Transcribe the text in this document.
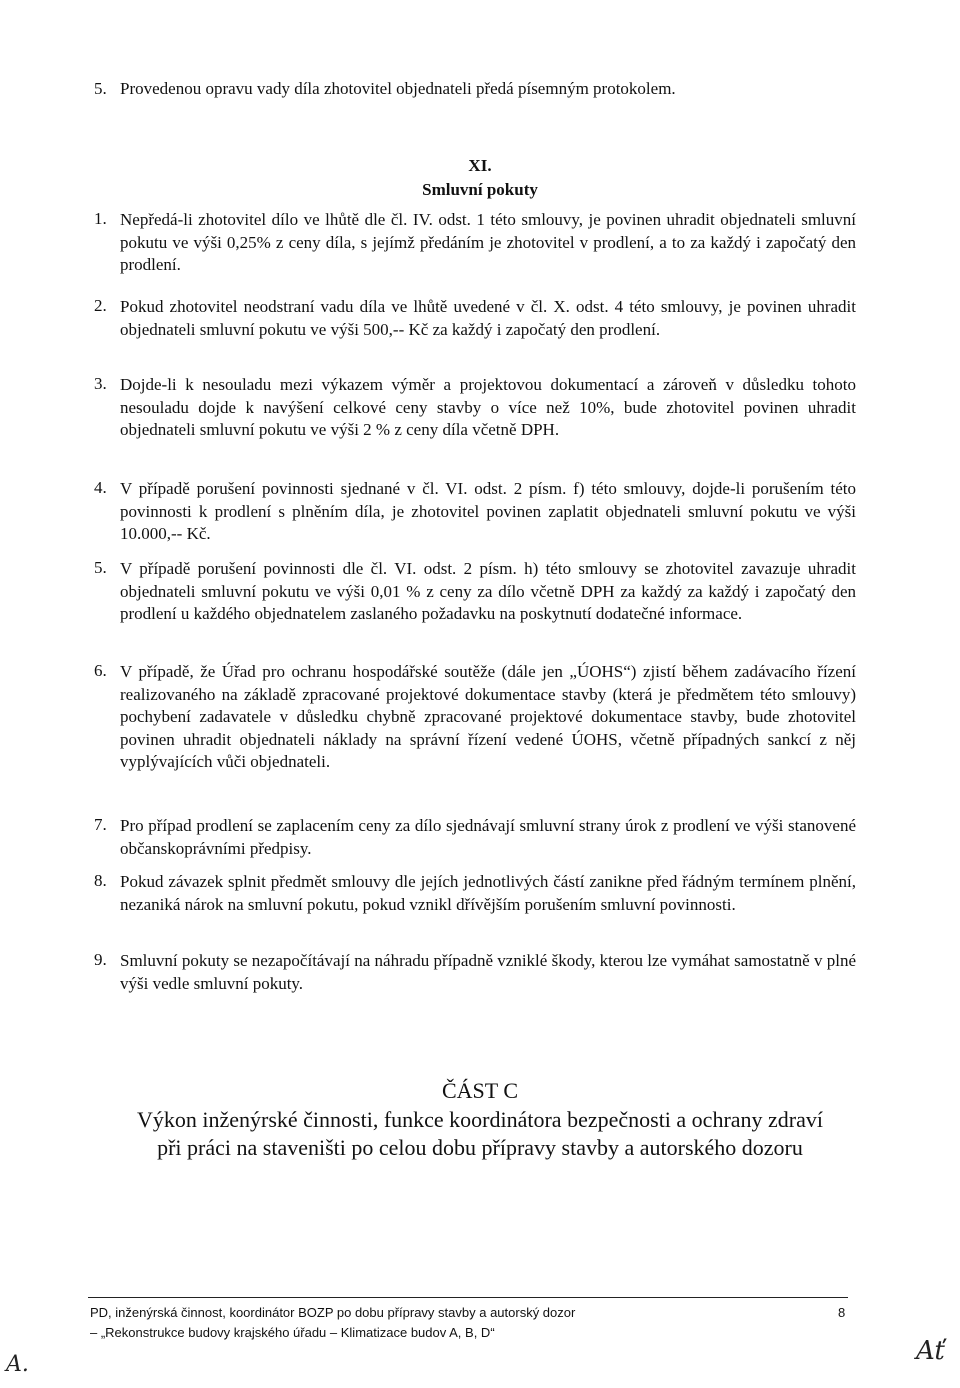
5. Provedenou opravu vady díla zhotovitel objednateli předá písemným protokolem.
XI.
Smluvní pokuty
1. Nepředá-li zhotovitel dílo ve lhůtě dle čl. IV. odst. 1 této smlouvy, je povinen uhradit objednateli smluvní pokutu ve výši 0,25% z ceny díla, s jejímž předáním je zhotovitel v prodlení, a to za každý i započatý den prodlení.
2. Pokud zhotovitel neodstraní vadu díla ve lhůtě uvedené v čl. X. odst. 4 této smlouvy, je povinen uhradit objednateli smluvní pokutu ve výši 500,-- Kč za každý i započatý den prodlení.
3. Dojde-li k nesouladu mezi výkazem výměr a projektovou dokumentací a zároveň v důsledku tohoto nesouladu dojde k navýšení celkové ceny stavby o více než 10%, bude zhotovitel povinen uhradit objednateli smluvní pokutu ve výši 2 % z ceny díla včetně DPH.
4. V případě porušení povinnosti sjednané v čl. VI. odst. 2 písm. f) této smlouvy, dojde-li porušením této povinnosti k prodlení s plněním díla, je zhotovitel povinen zaplatit objednateli smluvní pokutu ve výši 10.000,-- Kč.
5. V případě porušení povinnosti dle čl. VI. odst. 2 písm. h) této smlouvy se zhotovitel zavazuje uhradit objednateli smluvní pokutu ve výši 0,01 % z ceny za dílo včetně DPH za každý za každý i započatý den prodlení u každého objednatelem zaslaného požadavku na poskytnutí dodatečné informace.
6. V případě, že Úřad pro ochranu hospodářské soutěže (dále jen „ÚOHS“) zjistí během zadávacího řízení realizovaného na základě zpracované projektové dokumentace stavby (která je předmětem této smlouvy) pochybení zadavatele v důsledku chybně zpracované projektové dokumentace stavby, bude zhotovitel povinen uhradit objednateli náklady na správní řízení vedené ÚOHS, včetně případných sankcí z něj vyplývajících vůči objednateli.
7. Pro případ prodlení se zaplacením ceny za dílo sjednávají smluvní strany úrok z prodlení ve výši stanovené občanskoprávními předpisy.
8. Pokud závazek splnit předmět smlouvy dle jejích jednotlivých částí zanikne před řádným termínem plnění, nezaniká nárok na smluvní pokutu, pokud vznikl dřívějším porušením smluvní povinnosti.
9. Smluvní pokuty se nezapočítávají na náhradu případně vzniklé škody, kterou lze vymáhat samostatně v plné výši vedle smluvní pokuty.
ČÁST C
Výkon inženýrské činnosti, funkce koordinátora bezpečnosti a ochrany zdraví
při práci na staveništi po celou dobu přípravy stavby a autorského dozoru
PD, inženýrská činnost, koordinátor BOZP po dobu přípravy stavby a autorský dozor
– „Rekonstrukce budovy krajského úřadu – Klimatizace budov A, B, D“
8
A.	Ať
